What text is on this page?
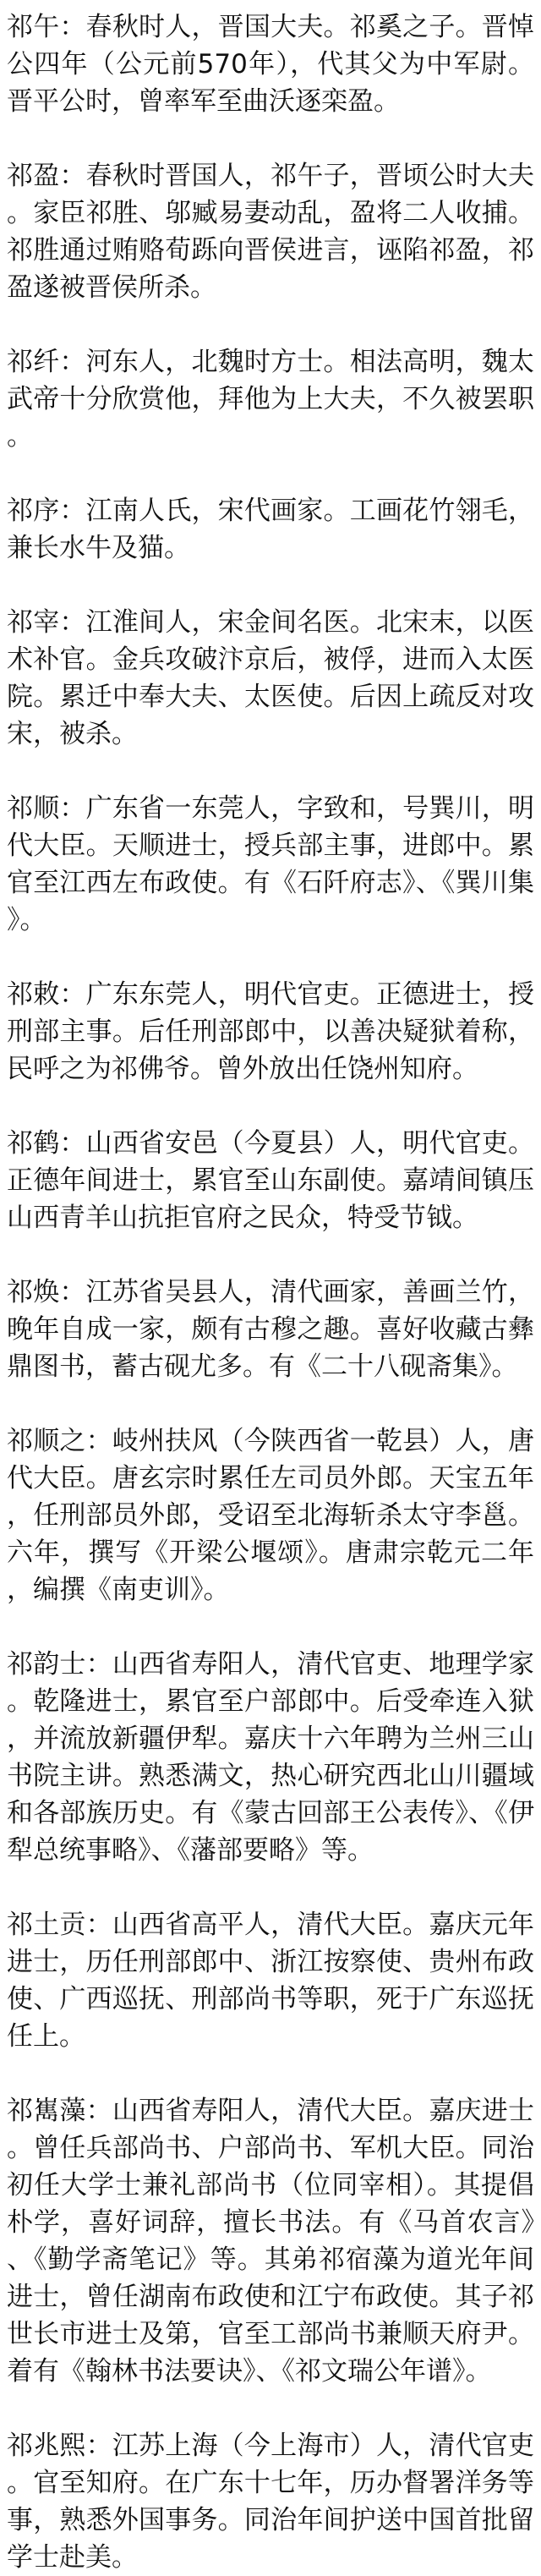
祁午：春秋时人，晋国大夫。祁奚之子。晋悼公四年（公元前570年），代其父为中军尉。晋平公时，曾率军至曲沃逐栾盈。

祁盈：春秋时晋国人，祁午子，晋顷公时大夫。家臣祁胜、邬臧易妻动乱，盈将二人收捕。祁胜通过贿赂荀跞向晋侯进言，诬陷祁盈，祁盈遂被晋侯所杀。

祁纤：河东人，北魏时方士。相法高明，魏太武帝十分欣赏他，拜他为上大夫，不久被罢职。

祁序：江南人氏，宋代画家。工画花竹翎毛，兼长水牛及猫。

祁宰：江淮间人，宋金间名医。北宋末，以医术补官。金兵攻破汴京后，被俘，进而入太医院。累迁中奉大夫、太医使。后因上疏反对攻宋，被杀。

祁顺：广东省一东莞人，字致和，号巽川，明代大臣。天顺进士，授兵部主事，进郎中。累官至江西左布政使。有《石阡府志》、《巽川集》。

祁敕：广东东莞人，明代官吏。正德进士，授刑部主事。后任刑部郎中，以善决疑狱着称，民呼之为祁佛爷。曾外放出任饶州知府。

祁鹤：山西省安邑（今夏县）人，明代官吏。正德年间进士，累官至山东副使。嘉靖间镇压山西青羊山抗拒官府之民众，特受节钺。

祁焕：江苏省吴县人，清代画家，善画兰竹，晚年自成一家，颇有古穆之趣。喜好收藏古彝鼎图书，蓄古砚尤多。有《二十八砚斋集》。

祁顺之：岐州扶风（今陕西省一乾县）人，唐代大臣。唐玄宗时累任左司员外郎。天宝五年，任刑部员外郎，受诏至北海斩杀太守李邕。六年，撰写《开梁公堰颂》。唐肃宗乾元二年，编撰《南吏训》。

祁韵士：山西省寿阳人，清代官吏、地理学家。乾隆进士，累官至户部郎中。后受牵连入狱，并流放新疆伊犁。嘉庆十六年聘为兰州三山书院主讲。熟悉满文，热心研究西北山川疆域和各部族历史。有《蒙古回部王公表传》、《伊犁总统事略》、《藩部要略》等。

祁土贡：山西省高平人，清代大臣。嘉庆元年进士，历任刑部郎中、浙江按察使、贵州布政使、广西巡抚、刑部尚书等职，死于广东巡抚任上。

祁嶲藻：山西省寿阳人，清代大臣。嘉庆进士。曾任兵部尚书、户部尚书、军机大臣。同治初任大学士兼礼部尚书（位同宰相）。其提倡朴学，喜好词辞，擅长书法。有《马首农言》、《勤学斋笔记》等。其弟祁宿藻为道光年间进士，曾任湖南布政使和江宁布政使。其子祁世长市进士及第，官至工部尚书兼顺天府尹。着有《翰林书法要诀》、《祁文瑞公年谱》。

祁兆熙：江苏上海（今上海市）人，清代官吏。官至知府。在广东十七年，历办督署洋务等事，熟悉外国事务。同治年间护送中国首批留学士赴美。
